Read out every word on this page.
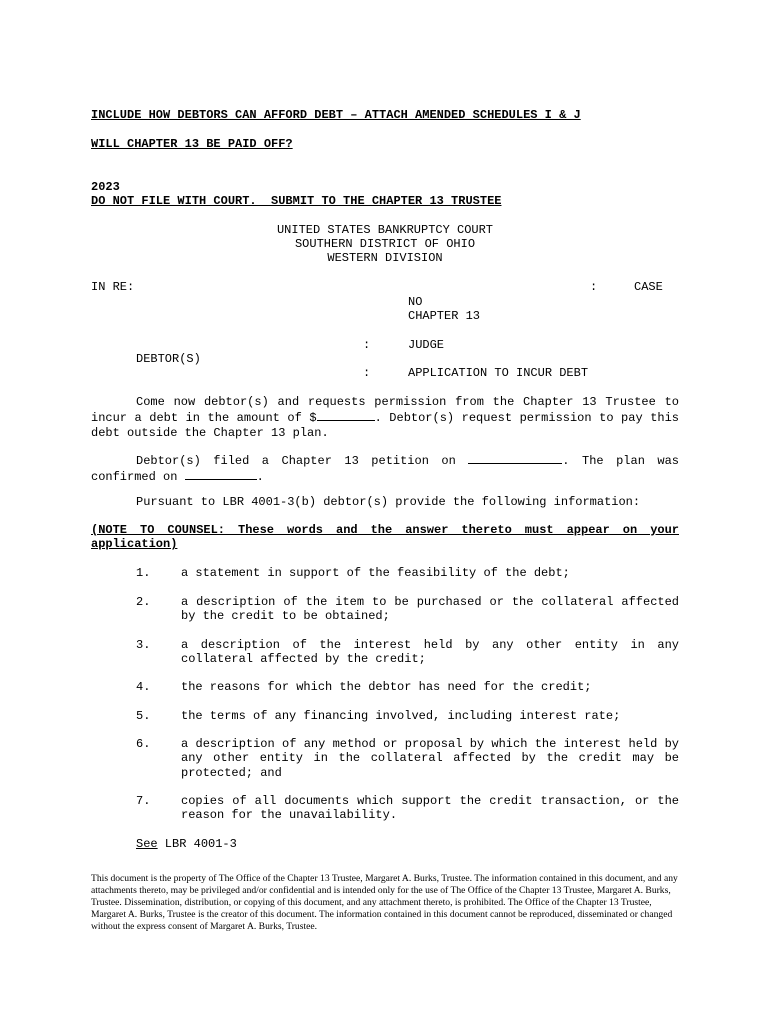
INCLUDE HOW DEBTORS CAN AFFORD DEBT – ATTACH AMENDED SCHEDULES I & J
WILL CHAPTER 13 BE PAID OFF?
2023
DO NOT FILE WITH COURT.  SUBMIT TO THE CHAPTER 13 TRUSTEE
UNITED STATES BANKRUPTCY COURT
SOUTHERN DISTRICT OF OHIO
WESTERN DIVISION
IN RE:	:	CASE
NO
CHAPTER 13
:	JUDGE
DEBTOR(S)
:	APPLICATION TO INCUR DEBT
Come now debtor(s) and requests permission from the Chapter 13 Trustee to incur a debt in the amount of $	. Debtor(s) request permission to pay this debt outside the Chapter 13 plan.
Debtor(s) filed a Chapter 13 petition on	. The plan was confirmed on	.
Pursuant to LBR 4001-3(b) debtor(s) provide the following information:
(NOTE TO COUNSEL: These words and the answer thereto must appear on your application)
1.	a statement in support of the feasibility of the debt;
2.	a description of the item to be purchased or the collateral affected by the credit to be obtained;
3.	a description of the interest held by any other entity in any collateral affected by the credit;
4.	the reasons for which the debtor has need for the credit;
5.	the terms of any financing involved, including interest rate;
6.	a description of any method or proposal by which the interest held by any other entity in the collateral affected by the credit may be protected; and
7.	copies of all documents which support the credit transaction, or the reason for the unavailability.
See LBR 4001-3
This document is the property of The Office of the Chapter 13 Trustee, Margaret A. Burks, Trustee. The information contained in this document, and any attachments thereto, may be privileged and/or confidential and is intended only for the use of The Office of the Chapter 13 Trustee, Margaret A. Burks, Trustee. Dissemination, distribution, or copying of this document, and any attachment thereto, is prohibited. The Office of the Chapter 13 Trustee, Margaret A. Burks, Trustee is the creator of this document. The information contained in this document cannot be reproduced, disseminated or changed without the express consent of Margaret A. Burks, Trustee.
